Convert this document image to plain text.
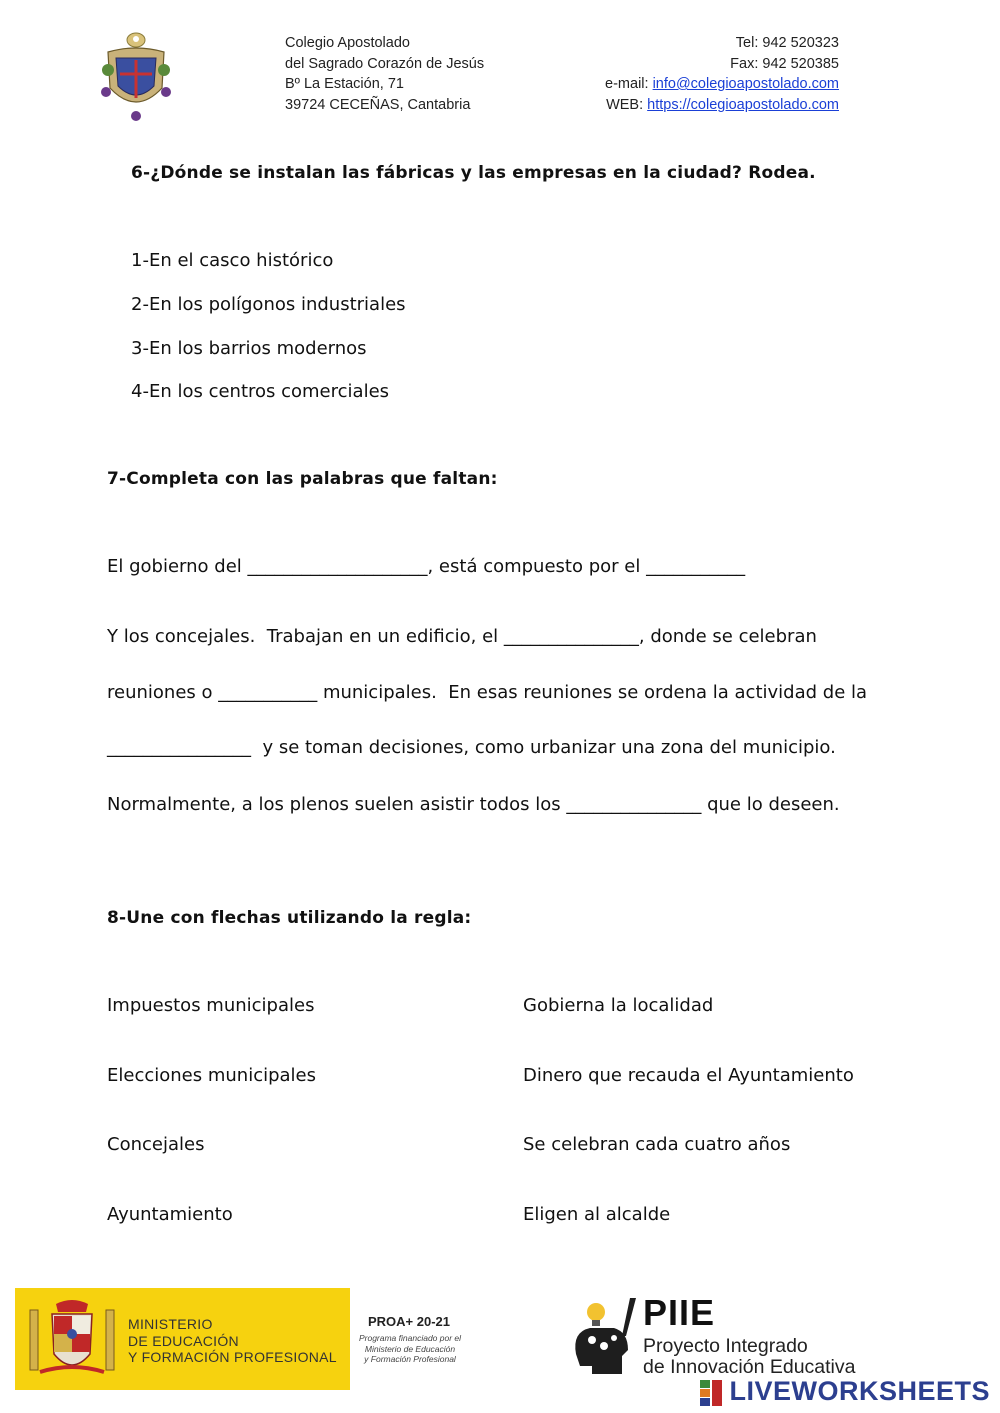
Colegio Apostolado
del Sagrado Corazón de Jesús
Bº La Estación, 71
39724 CECEÑAS, Cantabria
Tel: 942 520323
Fax: 942 520385
e-mail: info@colegioapostolado.com
WEB: https://colegioapostolado.com
6-¿Dónde se instalan las fábricas y las empresas en la ciudad? Rodea.
1-En el casco histórico
2-En los polígonos industriales
3-En los barrios modernos
4-En los centros comerciales
7-Completa con las palabras que faltan:
El gobierno del ____________________, está compuesto por el ___________
Y los concejales.  Trabajan en un edificio, el _______________, donde se celebran
reuniones o ___________ municipales.  En esas reuniones se ordena la actividad de la
________________  y se toman decisiones, como urbanizar una zona del municipio.
Normalmente, a los plenos suelen asistir todos los _______________ que lo deseen.
8-Une con flechas utilizando la regla:
Impuestos municipales
Elecciones municipales
Concejales
Ayuntamiento
Gobierna la localidad
Dinero que recauda el Ayuntamiento
Se celebran cada cuatro años
Eligen al alcalde
MINISTERIO
DE EDUCACIÓN
Y FORMACIÓN PROFESIONAL
PROA+ 20-21
Programa financiado por el
Ministerio de Educación
y Formación Profesional
PIIE
Proyecto Integrado
de Innovación Educativa
LIVEWORKSHEETS
